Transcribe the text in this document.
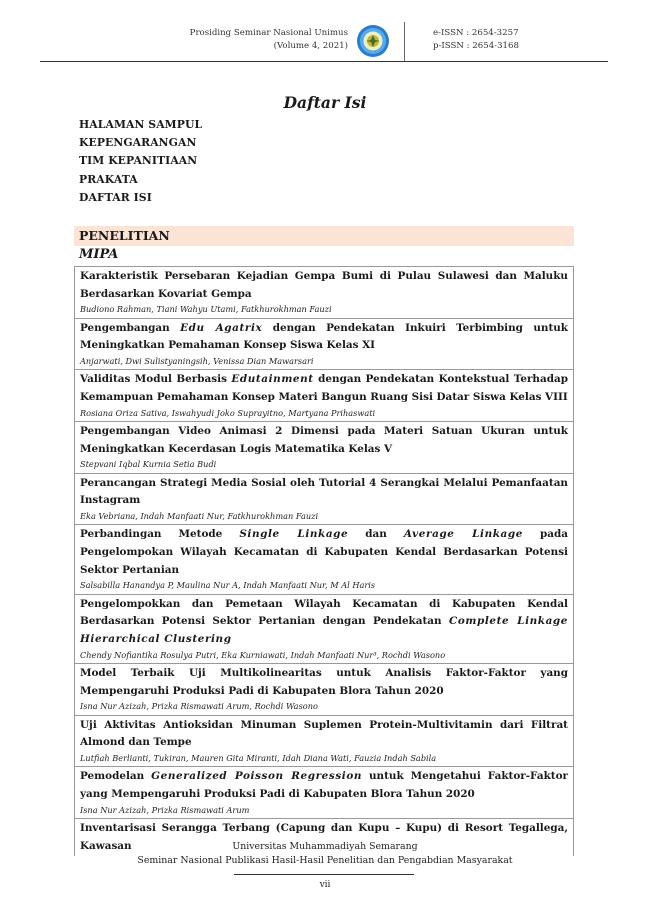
Prosiding Seminar Nasional Unimus
(Volume 4, 2021)
e-ISSN : 2654-3257
p-ISSN : 2654-3168
Daftar Isi
HALAMAN SAMPUL
KEPENGARANGAN
TIM KEPANITIAAN
PRAKATA
DAFTAR ISI
PENELITIAN
MIPA

Karakteristik Persebaran Kejadian Gempa Bumi di Pulau Sulawesi dan Maluku Berdasarkan Kovariat Gempa

Budiono Rahman, Tiani Wahyu Utami, Fatkhurokhman Fauzi

Pengembangan Edu Agatrix dengan Pendekatan Inkuiri Terbimbing untuk Meningkatkan Pemahaman Konsep Siswa Kelas XI

Anjarwati, Dwi Sulistyaningsih, Venissa Dian Mawarsari

Validitas Modul Berbasis Edutainment dengan Pendekatan Kontekstual Terhadap Kemampuan Pemahaman Konsep Materi Bangun Ruang Sisi Datar Siswa Kelas VIII

Rosiana Oriza Sativa, Iswahyudi Joko Suprayitno, Martyana Prihaswati

Pengembangan Video Animasi 2 Dimensi pada Materi Satuan Ukuran untuk Meningkatkan Kecerdasan Logis Matematika Kelas V

Stepvani Iqbal Kurnia Setia Budi

Perancangan Strategi Media Sosial oleh Tutorial 4 Serangkai Melalui Pemanfaatan Instagram

Eka Vebriana, Indah Manfaati Nur, Fatkhurokhman Fauzi

Perbandingan Metode Single Linkage dan Average Linkage pada Pengelompokan Wilayah Kecamatan di Kabupaten Kendal Berdasarkan Potensi Sektor Pertanian

Salsabilla Hanandya P, Maulina Nur A, Indah Manfaati Nur, M Al Haris

Pengelompokkan dan Pemetaan Wilayah Kecamatan di Kabupaten Kendal Berdasarkan Potensi Sektor Pertanian dengan Pendekatan Complete Linkage Hierarchical Clustering

Chendy Nofiantika Rosulya Putri, Eka Kurniawati, Indah Manfaati Nur³, Rochdi Wasono

Model Terbaik Uji Multikolinearitas untuk Analisis Faktor-Faktor yang Mempengaruhi Produksi Padi di Kabupaten Blora Tahun 2020

Isna Nur Azizah, Prizka Rismawati Arum, Rochdi Wasono

Uji Aktivitas Antioksidan Minuman Suplemen Protein-Multivitamin dari Filtrat Almond dan Tempe

Lutfiah Berlianti, Tukiran, Mauren Gita Miranti, Idah Diana Wati, Fauzia Indah Sabila

Pemodelan Generalized Poisson Regression untuk Mengetahui Faktor-Faktor yang Mempengaruhi Produksi Padi di Kabupaten Blora Tahun 2020

Isna Nur Azizah, Prizka Rismawati Arum

Inventarisasi Serangga Terbang (Capung dan Kupu – Kupu) di Resort Tegallega, Kawasan	Universitas Muhammadiyah Semarang
Seminar Nasional Publikasi Hasil-Hasil Penelitian dan Pengabdian Masyarakat
vii
